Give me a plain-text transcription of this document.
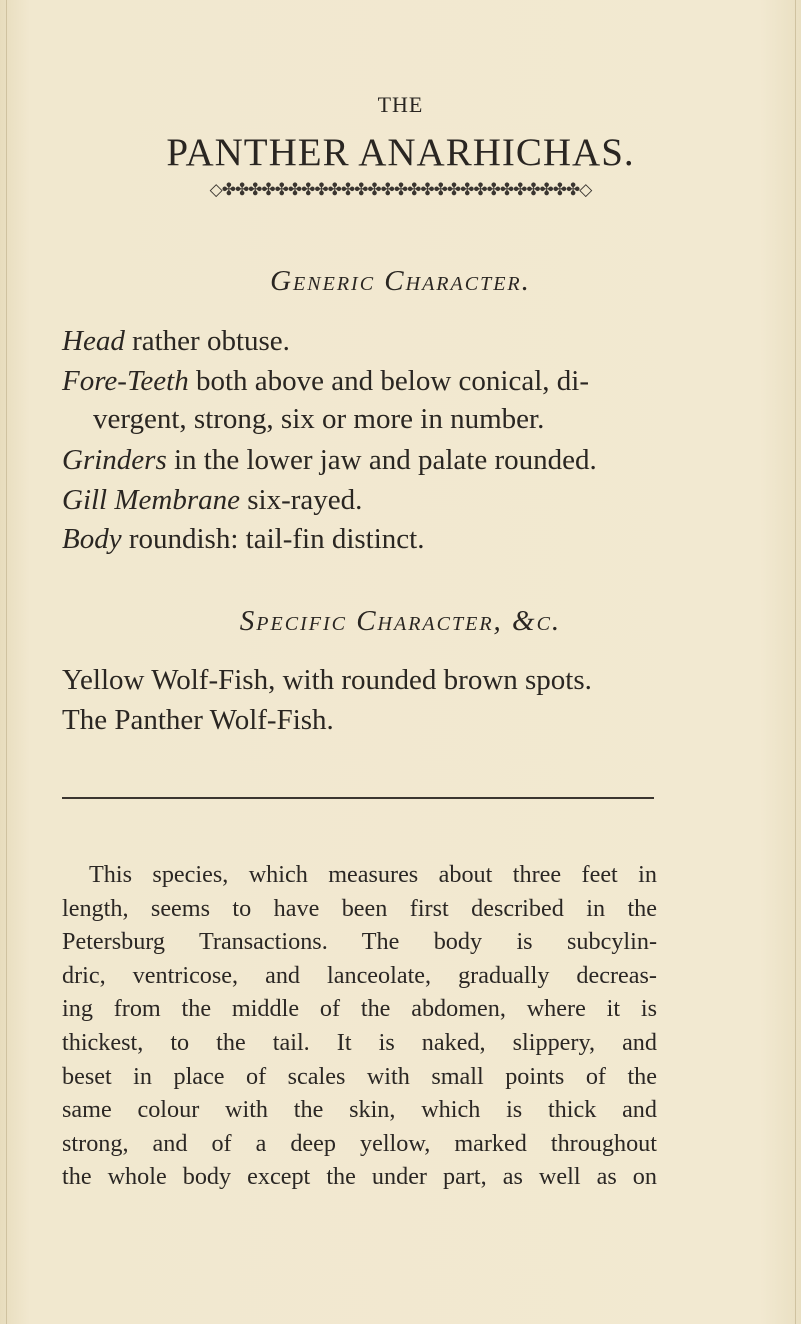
THE
PANTHER ANARHICHAS.
◇✤✤✤✤✤✤✤✤✤✤✤✤✤✤✤✤✤✤✤✤✤✤✤✤✤✤✤◇
Generic Character.
Head rather obtuse.
Fore-Teeth both above and below conical, di-
vergent, strong, six or more in number.
Grinders in the lower jaw and palate rounded.
Gill Membrane six-rayed.
Body roundish: tail-fin distinct.
Specific Character, &c.
Yellow Wolf-Fish, with rounded brown spots.
The Panther Wolf-Fish.
This species, which measures about three feet in
length, seems to have been first described in the
Petersburg Transactions. The body is subcylin-
dric, ventricose, and lanceolate, gradually decreas-
ing from the middle of the abdomen, where it is
thickest, to the tail. It is naked, slippery, and
beset in place of scales with small points of the
same colour with the skin, which is thick and
strong, and of a deep yellow, marked throughout
the whole body except the under part, as well as on
